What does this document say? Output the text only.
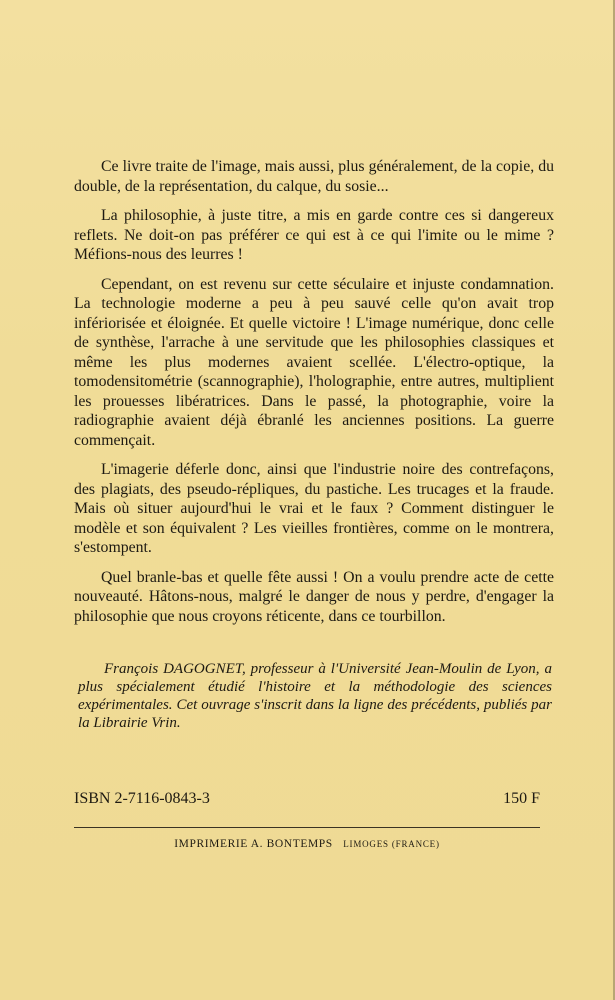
Ce livre traite de l'image, mais aussi, plus généralement, de la copie, du double, de la représentation, du calque, du sosie...

La philosophie, à juste titre, a mis en garde contre ces si dangereux reflets. Ne doit-on pas préférer ce qui est à ce qui l'imite ou le mime ? Méfions-nous des leurres !

Cependant, on est revenu sur cette séculaire et injuste condamnation. La technologie moderne a peu à peu sauvé celle qu'on avait trop infériorisée et éloignée. Et quelle victoire ! L'image numérique, donc celle de synthèse, l'arrache à une servitude que les philosophies classiques et même les plus modernes avaient scellée. L'électro-optique, la tomodensitométrie (scannographie), l'holographie, entre autres, multiplient les prouesses libératrices. Dans le passé, la photographie, voire la radiographie avaient déjà ébranlé les anciennes positions. La guerre commençait.

L'imagerie déferle donc, ainsi que l'industrie noire des contrefaçons, des plagiats, des pseudo-répliques, du pastiche. Les trucages et la fraude. Mais où situer aujourd'hui le vrai et le faux ? Comment distinguer le modèle et son équivalent ? Les vieilles frontières, comme on le montrera, s'estompent.

Quel branle-bas et quelle fête aussi ! On a voulu prendre acte de cette nouveauté. Hâtons-nous, malgré le danger de nous y perdre, d'engager la philosophie que nous croyons réticente, dans ce tourbillon.

François DAGOGNET, professeur à l'Université Jean-Moulin de Lyon, a plus spécialement étudié l'histoire et la méthodologie des sciences expérimentales. Cet ouvrage s'inscrit dans la ligne des précédents, publiés par la Librairie Vrin.

ISBN 2-7116-0843-3	150 F
IMPRIMERIE A. BONTEMPS LIMOGES (FRANCE)
